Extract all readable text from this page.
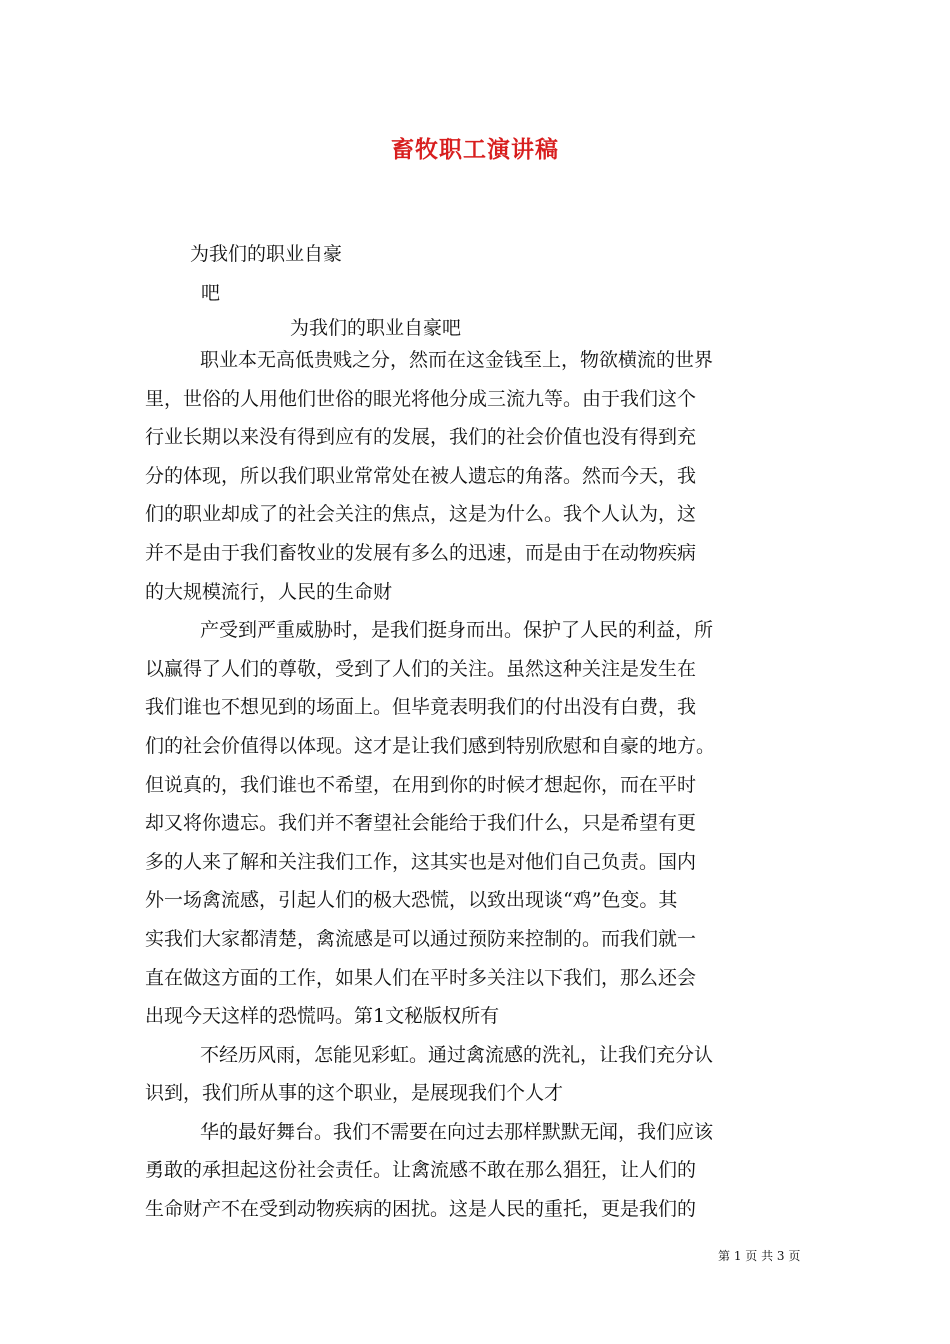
畜牧职工演讲稿
为我们的职业自豪
吧
为我们的职业自豪吧
职业本无高低贵贱之分，然而在这金钱至上，物欲横流的世界
里，世俗的人用他们世俗的眼光将他分成三流九等。由于我们这个
行业长期以来没有得到应有的发展，我们的社会价值也没有得到充
分的体现，所以我们职业常常处在被人遗忘的角落。然而今天，我
们的职业却成了的社会关注的焦点，这是为什么。我个人认为，这
并不是由于我们畜牧业的发展有多么的迅速，而是由于在动物疾病
的大规模流行，人民的生命财
产受到严重威胁时，是我们挺身而出。保护了人民的利益，所
以赢得了人们的尊敬，受到了人们的关注。虽然这种关注是发生在
我们谁也不想见到的场面上。但毕竟表明我们的付出没有白费，我
们的社会价值得以体现。这才是让我们感到特别欣慰和自豪的地方。
但说真的，我们谁也不希望，在用到你的时候才想起你，而在平时
却又将你遗忘。我们并不奢望社会能给于我们什么，只是希望有更
多的人来了解和关注我们工作，这其实也是对他们自己负责。国内
外一场禽流感，引起人们的极大恐慌，以致出现谈“鸡”色变。其
实我们大家都清楚，禽流感是可以通过预防来控制的。而我们就一
直在做这方面的工作，如果人们在平时多关注以下我们，那么还会
出现今天这样的恐慌吗。第1文秘版权所有
不经历风雨，怎能见彩虹。通过禽流感的洗礼，让我们充分认
识到，我们所从事的这个职业，是展现我们个人才
华的最好舞台。我们不需要在向过去那样默默无闻，我们应该
勇敢的承担起这份社会责任。让禽流感不敢在那么猖狂，让人们的
生命财产不在受到动物疾病的困扰。这是人民的重托，更是我们的
第 1 页 共 3 页
